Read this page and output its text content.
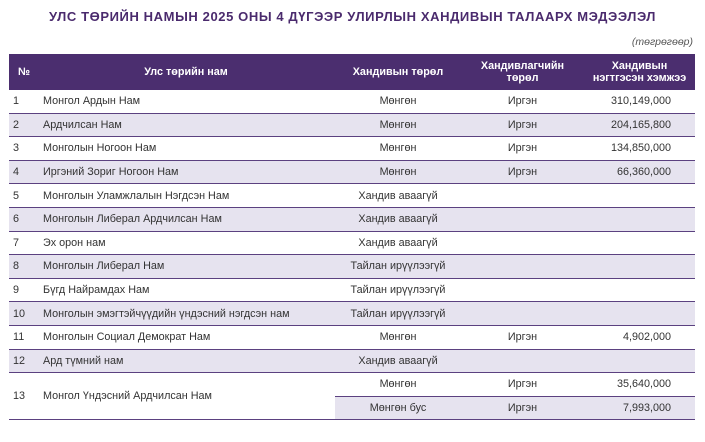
УЛС ТӨРИЙН НАМЫН 2025 ОНЫ 4 ДҮГЭЭР УЛИРЛЫН ХАНДИВЫН ТАЛААРХ МЭДЭЭЛЭЛ
(төгрөгөөр)
№	Улс төрийн нам	Хандивын төрөл	Хандивлагчийн төрөл	Хандивын нэгтгэсэн хэмжээ
1	Монгол Ардын Нам	Мөнгөн	Иргэн	310,149,000
2	Ардчилсан Нам	Мөнгөн	Иргэн	204,165,800
3	Монголын Ногоон Нам	Мөнгөн	Иргэн	134,850,000
4	Иргэний Зориг Ногоон Нам	Мөнгөн	Иргэн	66,360,000
5	Монголын Уламжлалын Нэгдсэн Нам	Хандив аваагүй		
6	Монголын Либерал Ардчилсан Нам	Хандив аваагүй		
7	Эх орон нам	Хандив аваагүй		
8	Монголын Либерал Нам	Тайлан ирүүлээгүй		
9	Бүгд Найрамдах Нам	Тайлан ирүүлээгүй		
10	Монголын эмэгтэйчүүдийн үндэсний нэгдсэн нам	Тайлан ирүүлээгүй		
11	Монголын Социал Демократ Нам	Мөнгөн	Иргэн	4,902,000
12	Ард түмний нам	Хандив аваагүй		
13	Монгол Үндэсний Ардчилсан Нам	Мөнгөн	Иргэн	35,640,000
		Мөнгөн бус	Иргэн	7,993,000
